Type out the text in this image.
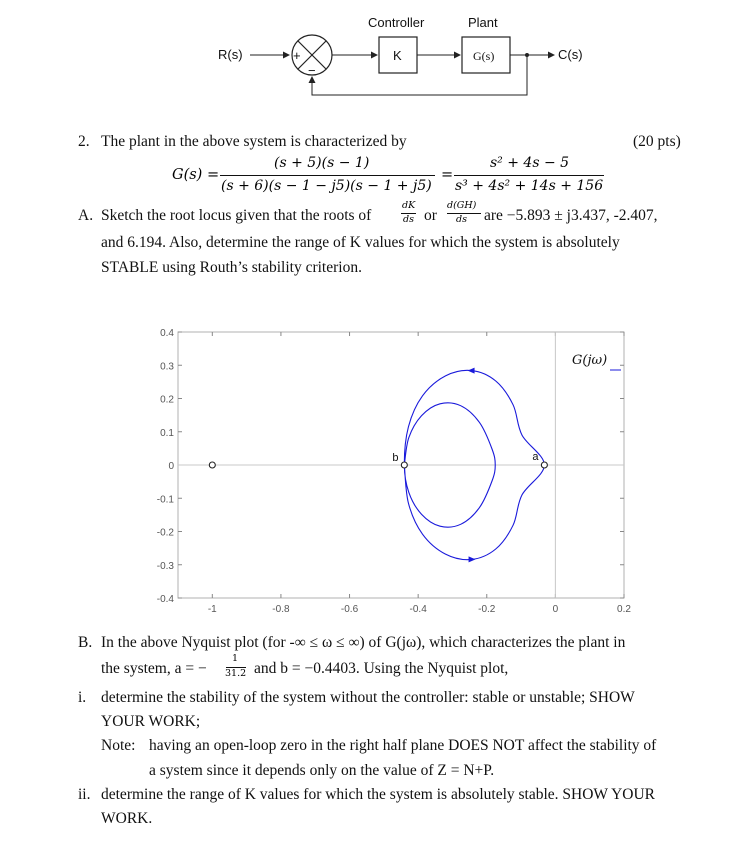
Controller	Plant
R(s)	+
−
K	G(s)	C(s)
2. The plant in the above system is characterized by	(20 pts)
G(s) =
(s + 5)(s − 1)
(s + 6)(s − 1 − j5)(s − 1 + j5)
=
s² + 4s − 5
s³ + 4s² + 14s + 156
A. Sketch the root locus given that the roots of
dK
ds or
d(GH)
ds are −5.893 ± j3.437, -2.407,
and 6.194. Also, determine the range of K values for which the system is absolutely
STABLE using Routh’s stability criterion.
-1	-0.8	-0.6	-0.4	-0.2	0	0.2
0.4
0.3
0.2
0.1
0
-0.1
-0.2
-0.3
-0.4
G(jω)
b	a
B. In the above Nyquist plot (for -∞ ≤ ω ≤ ∞) of G(jω), which characterizes the plant in
the system, a = −
1
31.2 and b = −0.4403. Using the Nyquist plot,
i. determine the stability of the system without the controller: stable or unstable; SHOW
YOUR WORK;
Note: having an open-loop zero in the right half plane DOES NOT affect the stability of
a system since it depends only on the value of Z = N+P.
ii. determine the range of K values for which the system is absolutely stable. SHOW YOUR
WORK.
